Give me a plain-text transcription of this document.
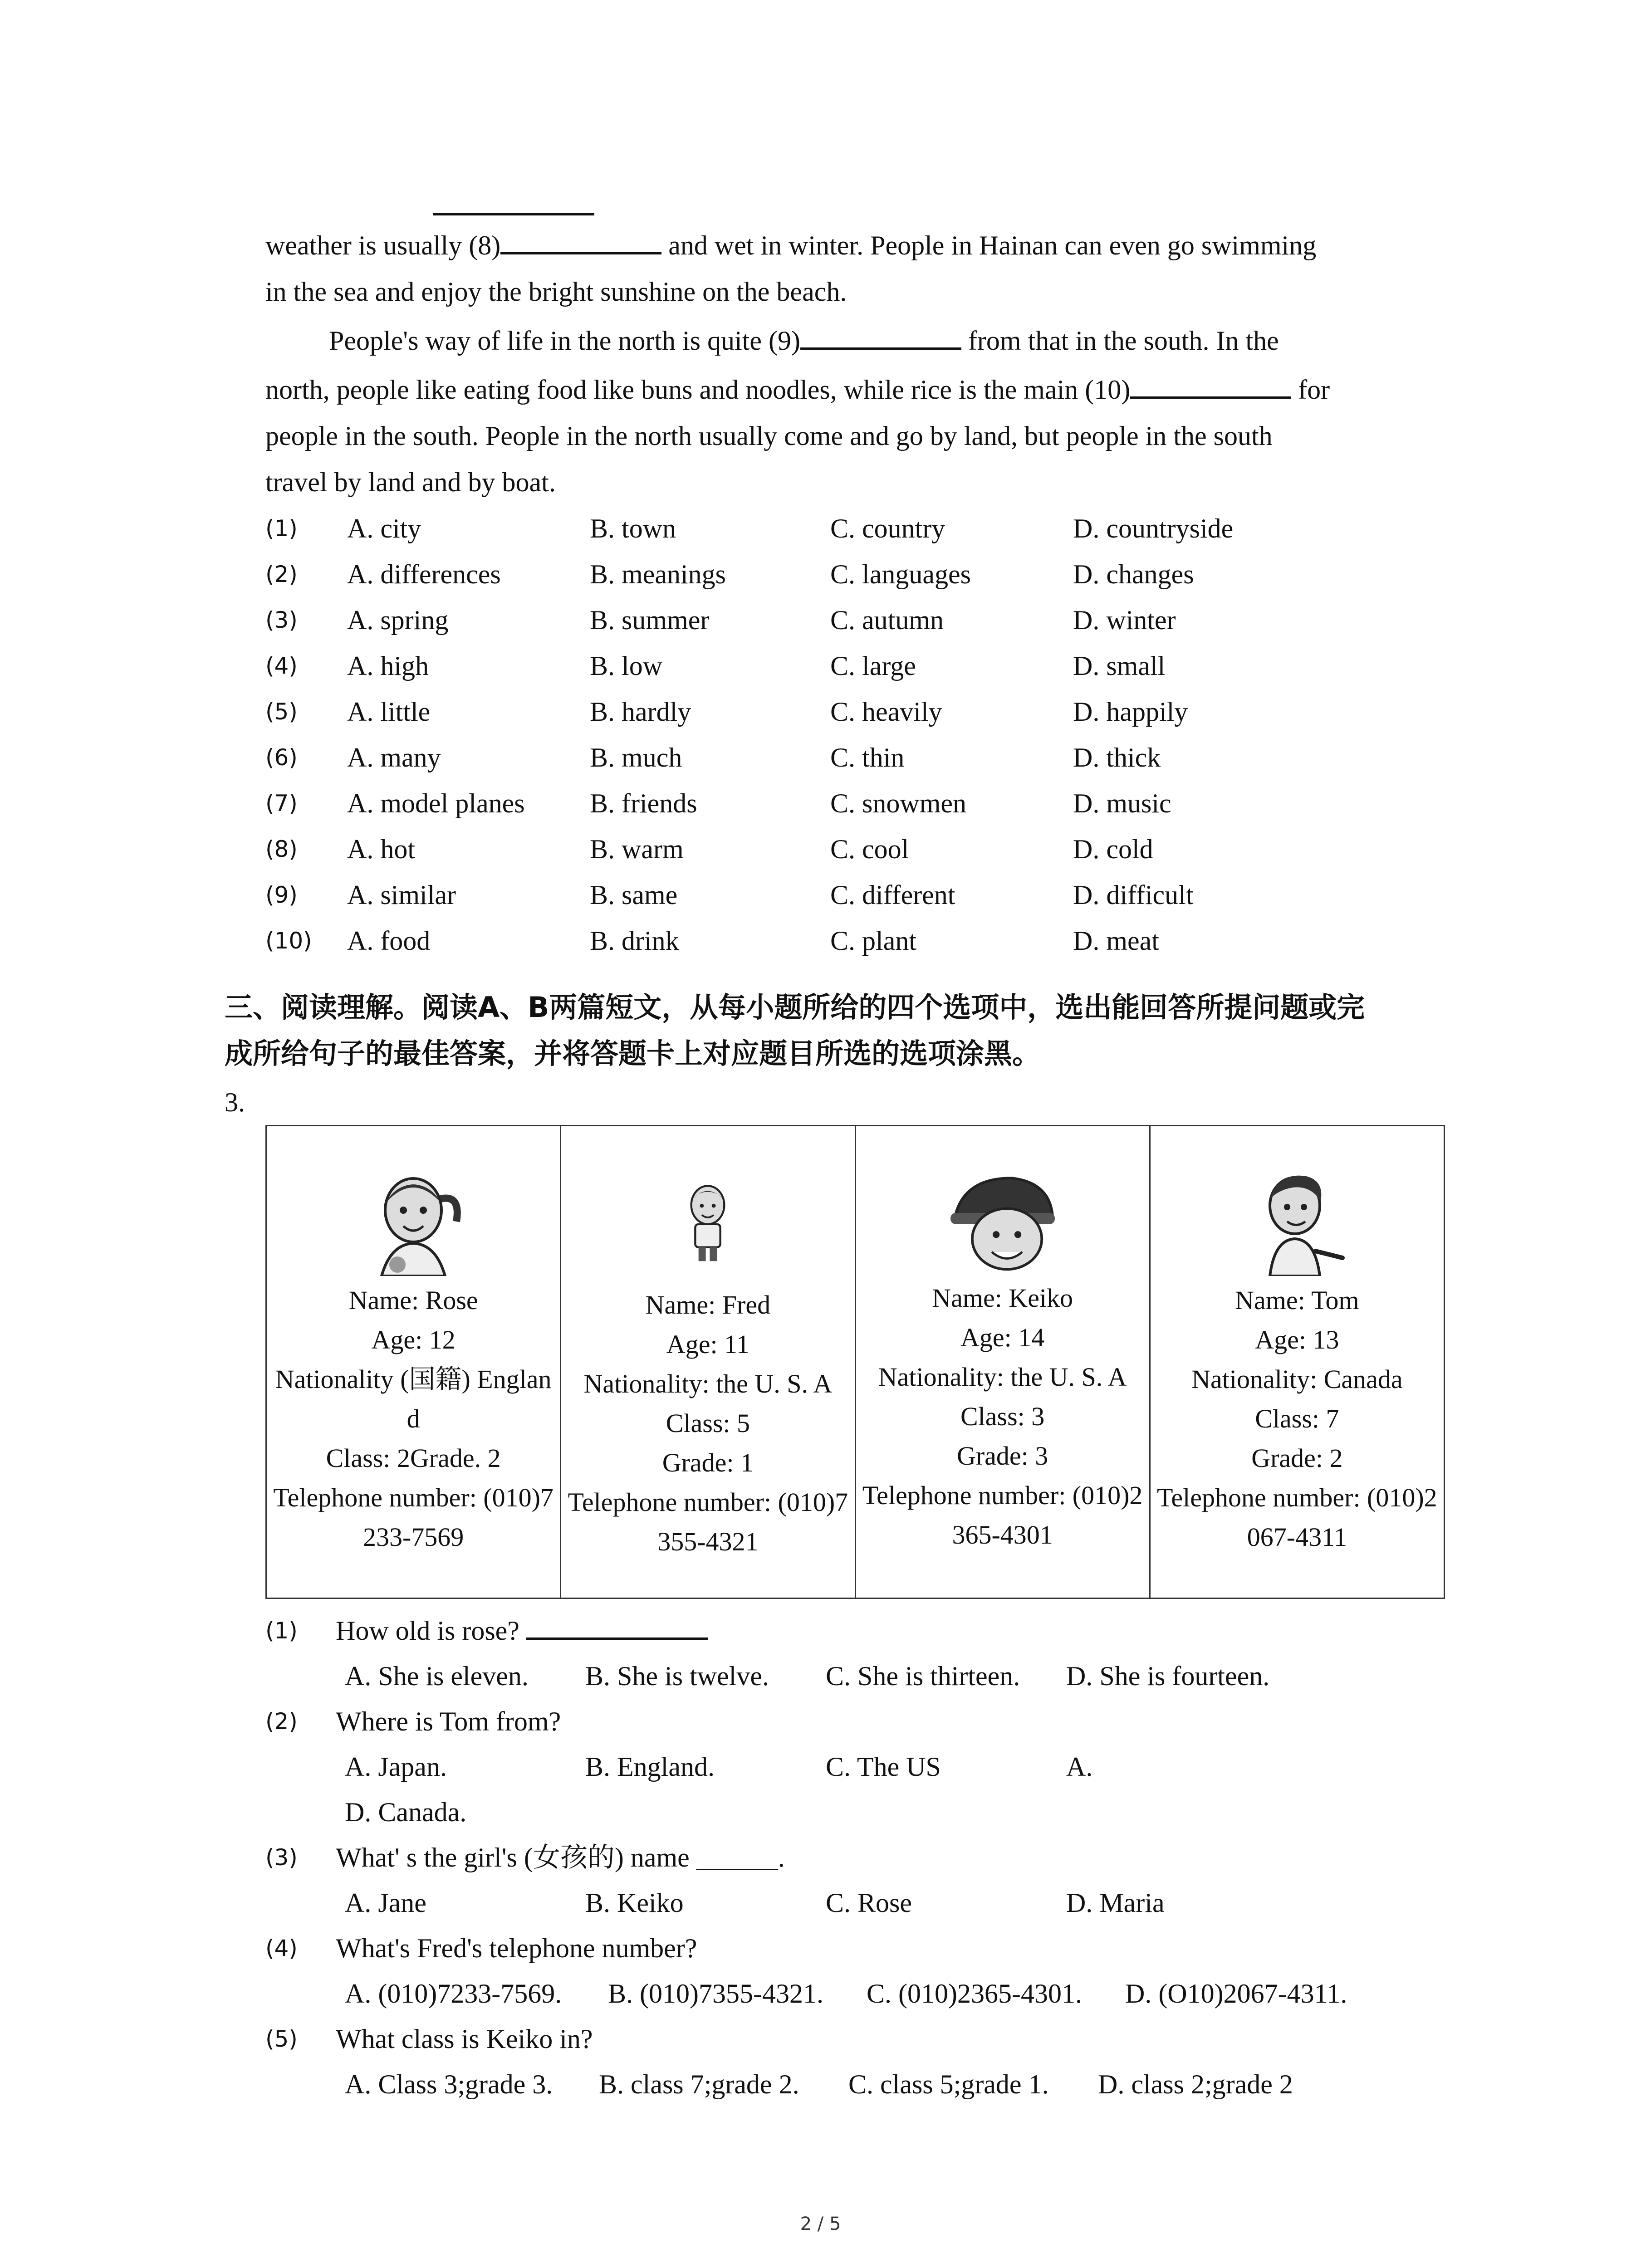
weather is usually (8)	and wet in winter. People in Hainan can even go swimming
in the sea and enjoy the bright sunshine on the beach.
People's way of life in the north is quite (9)	from that in the south. In the
north, people like eating food like buns and noodles, while rice is the main (10)	for
people in the south. People in the north usually come and go by land, but people in the south
travel by land and by boat.
(1) A. city	B. town	C. country	D. countryside
(2) A. differences	B. meanings	C. languages	D. changes
(3) A. spring	B. summer	C. autumn	D. winter
(4) A. high	B. low	C. large	D. small
(5) A. little	B. hardly	C. heavily	D. happily
(6) A. many	B. much	C. thin	D. thick
(7) A. model planes B. friends	C. snowmen	D. music
(8) A. hot	B. warm	C. cool	D. cold
(9) A. similar	B. same	C. different	D. difficult
(10) A. food	B. drink	C. plant	D. meat
三、阅读理解。阅读A、B两篇短文，从每小题所给的四个选项中，选出能回答所提问题或完
成所给句子的最佳答案，并将答题卡上对应题目所选的选项涂黑。
3.
Name: Rose
Age: 12
Nationality (国籍) England
Class: 2Grade. 2
Telephone number: (010)7233-7569

Name: Fred
Age: 11
Nationality: the U. S. A
Class: 5
Grade: 1
Telephone number: (010)7355-4321

Name: Keiko
Age: 14
Nationality: the U. S. A
Class: 3
Grade: 3
Telephone number: (010)2365-4301

Name: Tom
Age: 13
Nationality: Canada
Class: 7
Grade: 2
Telephone number: (010)2067-4311
(1) How old is rose?
A. She is eleven. B. She is twelve. C. She is thirteen. D. She is fourteen.
(2) Where is Tom from?
A. Japan.	B. England.	C. The US	A.
D. Canada.
(3) What' s the girl's (女孩的) name ______.
A. Jane	B. Keiko	C. Rose	D. Maria
(4) What's Fred's telephone number?
A. (010)7233-7569. B. (010)7355-4321. C. (010)2365-4301. D. (O10)2067-4311.
(5) What class is Keiko in?
A. Class 3;grade 3. B. class 7;grade 2. C. class 5;grade 1. D. class 2;grade 2
2 / 5
